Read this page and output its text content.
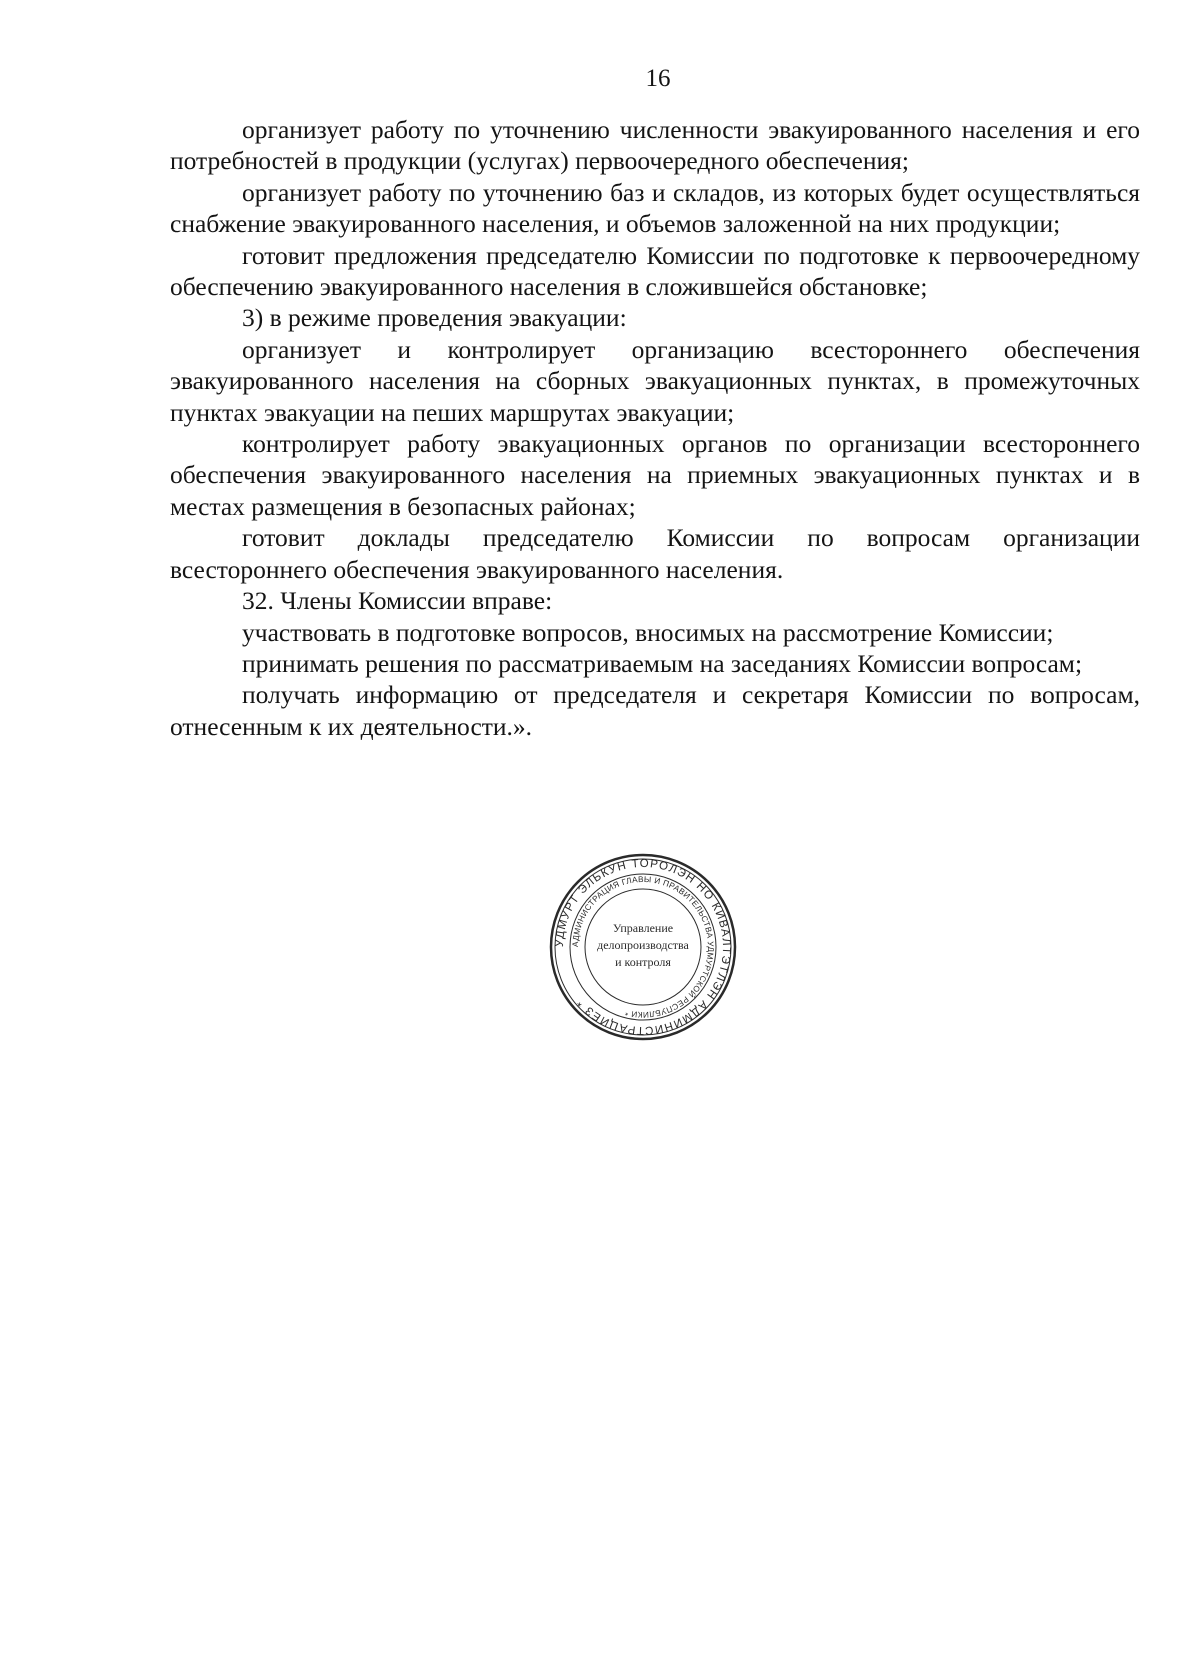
16

организует работу по уточнению численности эвакуированного населения и его потребностей в продукции (услугах) первоочередного обеспечения;

организует работу по уточнению баз и складов, из которых будет осуществляться снабжение эвакуированного населения, и объемов заложенной на них продукции;

готовит предложения председателю Комиссии по подготовке к первоочередному обеспечению эвакуированного населения в сложившейся обстановке;

3) в режиме проведения эвакуации:

организует и контролирует организацию всестороннего обеспечения эвакуированного населения на сборных эвакуационных пунктах, в промежуточных пунктах эвакуации на пеших маршрутах эвакуации;

контролирует работу эвакуационных органов по организации всестороннего обеспечения эвакуированного населения на приемных эвакуационных пунктах и в местах размещения в безопасных районах;

готовит доклады председателю Комиссии по вопросам организации всестороннего обеспечения эвакуированного населения.

32. Члены Комиссии вправе:

участвовать в подготовке вопросов, вносимых на рассмотрение Комиссии;

принимать решения по рассматриваемым на заседаниях Комиссии вопросам;

получать информацию от председателя и секретаря Комиссии по вопросам, отнесенным к их деятельности.».

УДМУРТ ЭЛЬКУН ТОРОЛЭН НО КИВАЛТЭТЛЭН АДМИНИСТРАЦИЕЗ *
АДМИНИСТРАЦИЯ ГЛАВЫ И ПРАВИТЕЛЬСТВА УДМУРТСКОЙ РЕСПУБЛИКИ *
Управление
делопроизводства
и контроля
